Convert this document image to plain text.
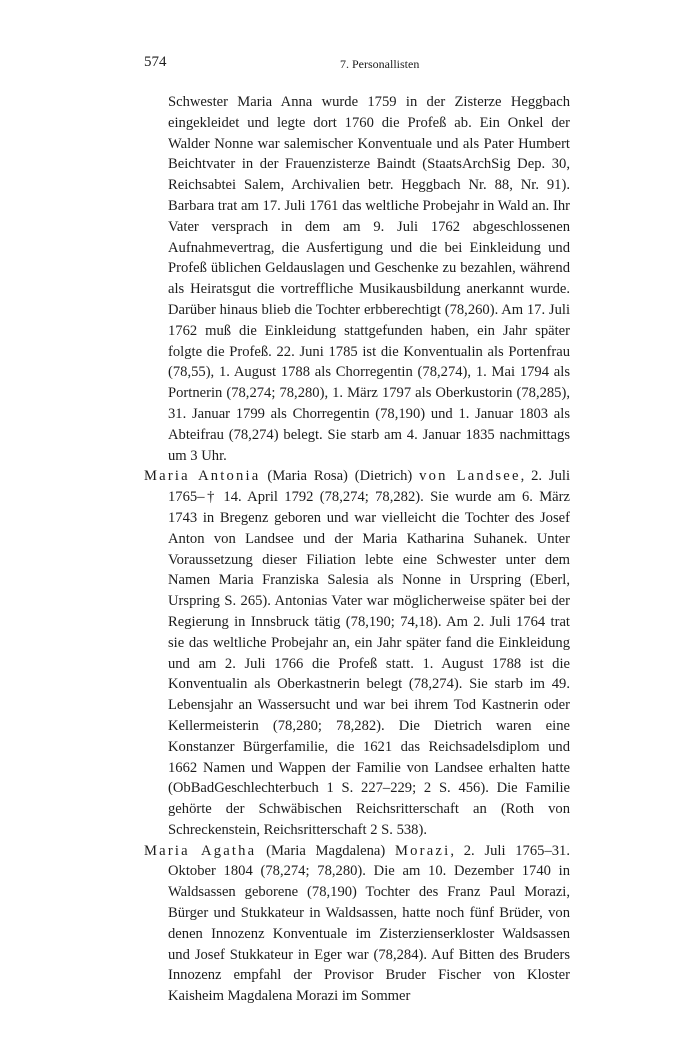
574	7. Personallisten

Schwester Maria Anna wurde 1759 in der Zisterze Heggbach eingekleidet und legte dort 1760 die Profeß ab. Ein Onkel der Walder Nonne war salemischer Konventuale und als Pater Humbert Beichtvater in der Frauenzisterze Baindt (StaatsArchSig Dep. 30, Reichsabtei Salem, Archivalien betr. Heggbach Nr. 88, Nr. 91). Barbara trat am 17. Juli 1761 das weltliche Probejahr in Wald an. Ihr Vater versprach in dem am 9. Juli 1762 abgeschlossenen Aufnahmevertrag, die Ausfertigung und die bei Einkleidung und Profeß üblichen Geldauslagen und Geschenke zu bezahlen, während als Heiratsgut die vortreffliche Musikausbildung anerkannt wurde. Darüber hinaus blieb die Tochter erbberechtigt (78,260). Am 17. Juli 1762 muß die Einkleidung stattgefunden haben, ein Jahr später folgte die Profeß. 22. Juni 1785 ist die Konventualin als Portenfrau (78,55), 1. August 1788 als Chorregentin (78,274), 1. Mai 1794 als Portnerin (78,274; 78,280), 1. März 1797 als Oberkustorin (78,285), 31. Januar 1799 als Chorregentin (78,190) und 1. Januar 1803 als Abteifrau (78,274) belegt. Sie starb am 4. Januar 1835 nachmittags um 3 Uhr.

Maria Antonia (Maria Rosa) (Dietrich) von Landsee, 2. Juli 1765–† 14. April 1792 (78,274; 78,282). Sie wurde am 6. März 1743 in Bregenz geboren und war vielleicht die Tochter des Josef Anton von Landsee und der Maria Katharina Suhanek. Unter Voraussetzung dieser Filiation lebte eine Schwester unter dem Namen Maria Franziska Salesia als Nonne in Urspring (Eberl, Urspring S. 265). Antonias Vater war möglicherweise später bei der Regierung in Innsbruck tätig (78,190; 74,18). Am 2. Juli 1764 trat sie das weltliche Probejahr an, ein Jahr später fand die Einkleidung und am 2. Juli 1766 die Profeß statt. 1. August 1788 ist die Konventualin als Oberkastnerin belegt (78,274). Sie starb im 49. Lebensjahr an Wassersucht und war bei ihrem Tod Kastnerin oder Kellermeisterin (78,280; 78,282). Die Dietrich waren eine Konstanzer Bürgerfamilie, die 1621 das Reichsadelsdiplom und 1662 Namen und Wappen der Familie von Landsee erhalten hatte (ObBadGeschlechterbuch 1 S. 227–229; 2 S. 456). Die Familie gehörte der Schwäbischen Reichsritterschaft an (Roth von Schreckenstein, Reichsritterschaft 2 S. 538).

Maria Agatha (Maria Magdalena) Morazi, 2. Juli 1765–31. Oktober 1804 (78,274; 78,280). Die am 10. Dezember 1740 in Waldsassen geborene (78,190) Tochter des Franz Paul Morazi, Bürger und Stukkateur in Waldsassen, hatte noch fünf Brüder, von denen Innozenz Konventuale im Zisterzienserkloster Waldsassen und Josef Stukkateur in Eger war (78,284). Auf Bitten des Bruders Innozenz empfahl der Provisor Bruder Fischer von Kloster Kaisheim Magdalena Morazi im Sommer
